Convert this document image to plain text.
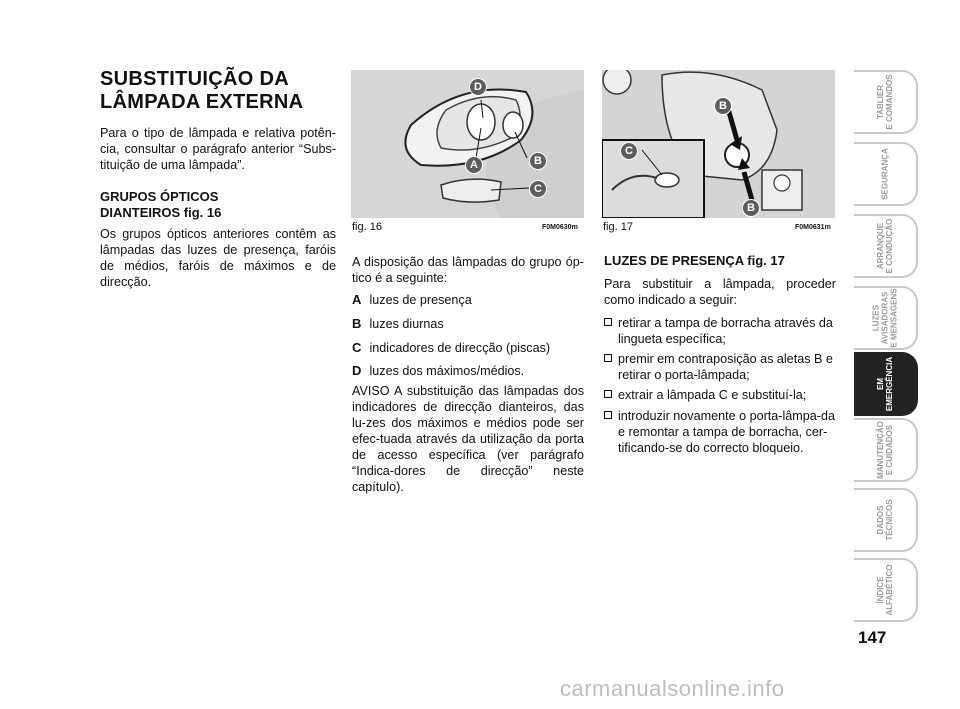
SUBSTITUIÇÃO DA
LÂMPADA EXTERNA
Para o tipo de lâmpada e relativa potên-cia, consultar o parágrafo anterior “Subs-tituição de uma lâmpada”.
GRUPOS ÓPTICOS
DIANTEIROS fig. 16
Os grupos ópticos anteriores contêm as lâmpadas das luzes de presença, faróis de médios, faróis de máximos e de direcção.
D
A	B
C
fig. 16	F0M0630m
A disposição das lâmpadas do grupo óp-tico é a seguinte:
A luzes de presença
B luzes diurnas
C indicadores de direcção (piscas)
D luzes dos máximos/médios.
AVISO A substituição das lâmpadas dos indicadores de direcção dianteiros, das lu-zes dos máximos e médios pode ser efec-tuada através da utilização da porta de acesso específica (ver parágrafo “Indica-dores de direcção” neste capítulo).
B
C
B
fig. 17	F0M0631m
LUZES DE PRESENÇA fig. 17
Para substituir a lâmpada, proceder como indicado a seguir:
retirar a tampa de borracha através da lingueta específica;
premir em contraposição as aletas B e retirar o porta-lâmpada;
extrair a lâmpada C e substituí-la;
introduzir novamente o porta-lâmpa-da e remontar a tampa de borracha, cer-tificando-se do correcto bloqueio.
TABLIER E COMANDOS
SEGURANÇA
ARRANQUE E CONDUÇÃO
LUZES AVISADORAS E MENSAGENS
EM EMERGÊNCIA
MANUTENÇÃO E CUIDADOS
DADOS TÉCNICOS
ÍNDICE ALFABÉTICO
147
carmanualsonline.info
